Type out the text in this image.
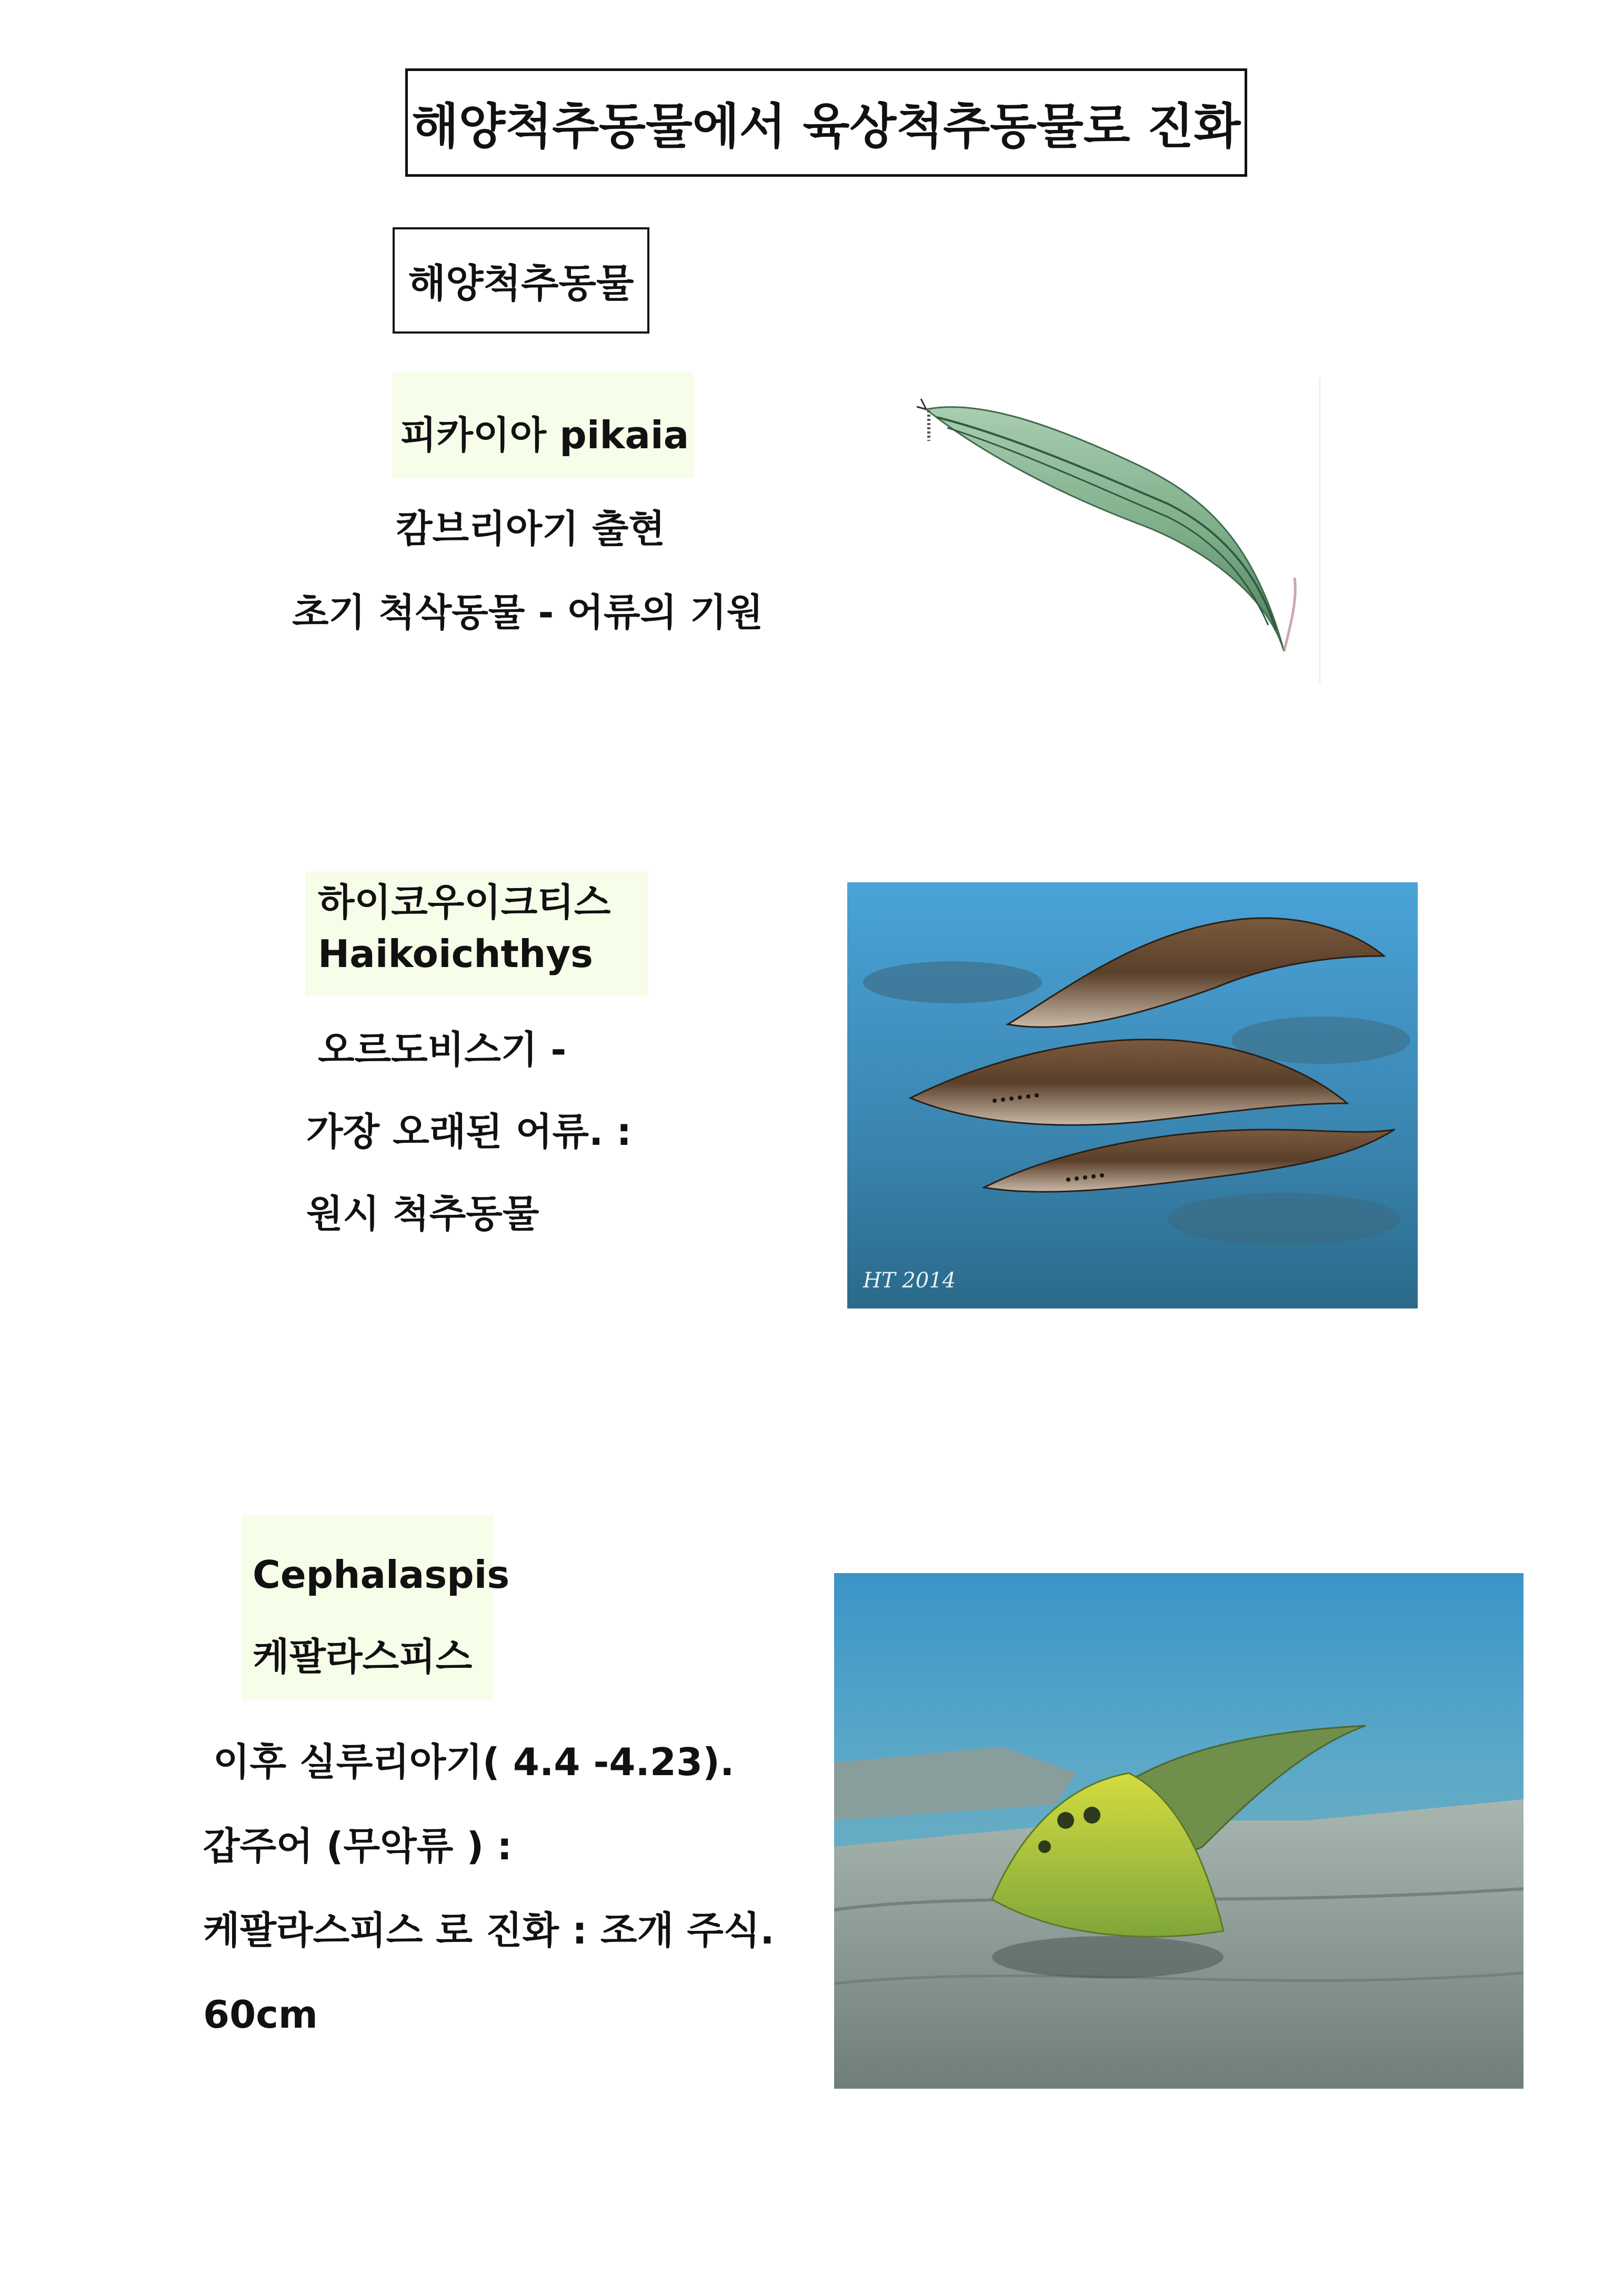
해양척추동물에서 육상척추동물로 진화
해양척추동물
피카이아 pikaia
캄브리아기 출현
초기 척삭동물 - 어류의 기원
하이코우이크티스
Haikoichthys
오르도비스기 -
가장 오래된 어류. :
원시 척추동물
HT 2014
Cephalaspis
케팔라스피스
이후 실루리아기( 4.4 -4.23).
갑주어 (무악류 ) :
케팔라스피스 로 진화 : 조개 주식.
60cm
